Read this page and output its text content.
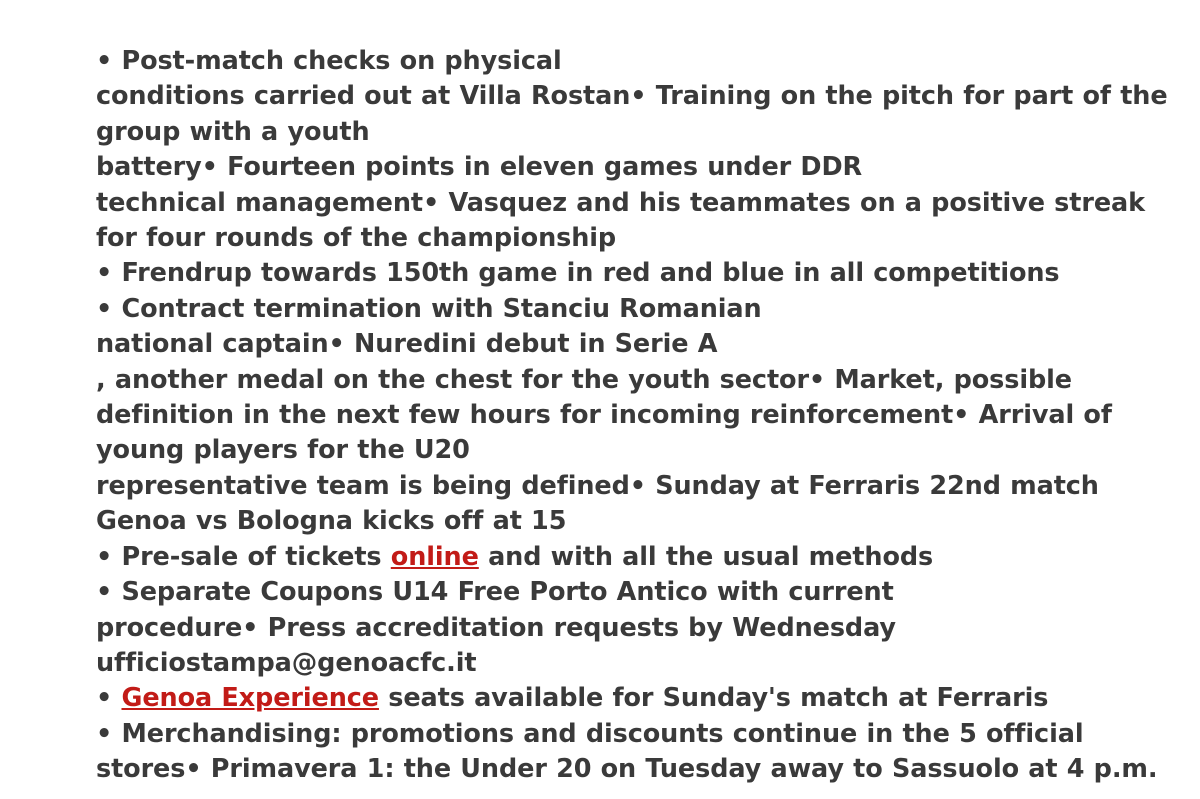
• Post-match checks on physical
conditions carried out at Villa Rostan• Training on the pitch for part of the group with a youth
battery• Fourteen points in eleven games under DDR
technical management• Vasquez and his teammates on a positive streak for four rounds of the championship
• Frendrup towards 150th game in red and blue in all competitions
• Contract termination with Stanciu Romanian
national captain• Nuredini debut in Serie A
, another medal on the chest for the youth sector• Market, possible definition in the next few hours for incoming reinforcement• Arrival of
young players for the U20
representative team is being defined• Sunday at Ferraris 22nd match Genoa vs Bologna kicks off at 15
• Pre-sale of tickets online and with all the usual methods
• Separate Coupons U14 Free Porto Antico with current
procedure• Press accreditation requests by Wednesday
ufficiostampa@genoacfc.it
• Genoa Experience seats available for Sunday's match at Ferraris
• Merchandising: promotions and discounts continue in the 5 official
stores• Primavera 1: the Under 20 on Tuesday away to Sassuolo at 4 p.m.
